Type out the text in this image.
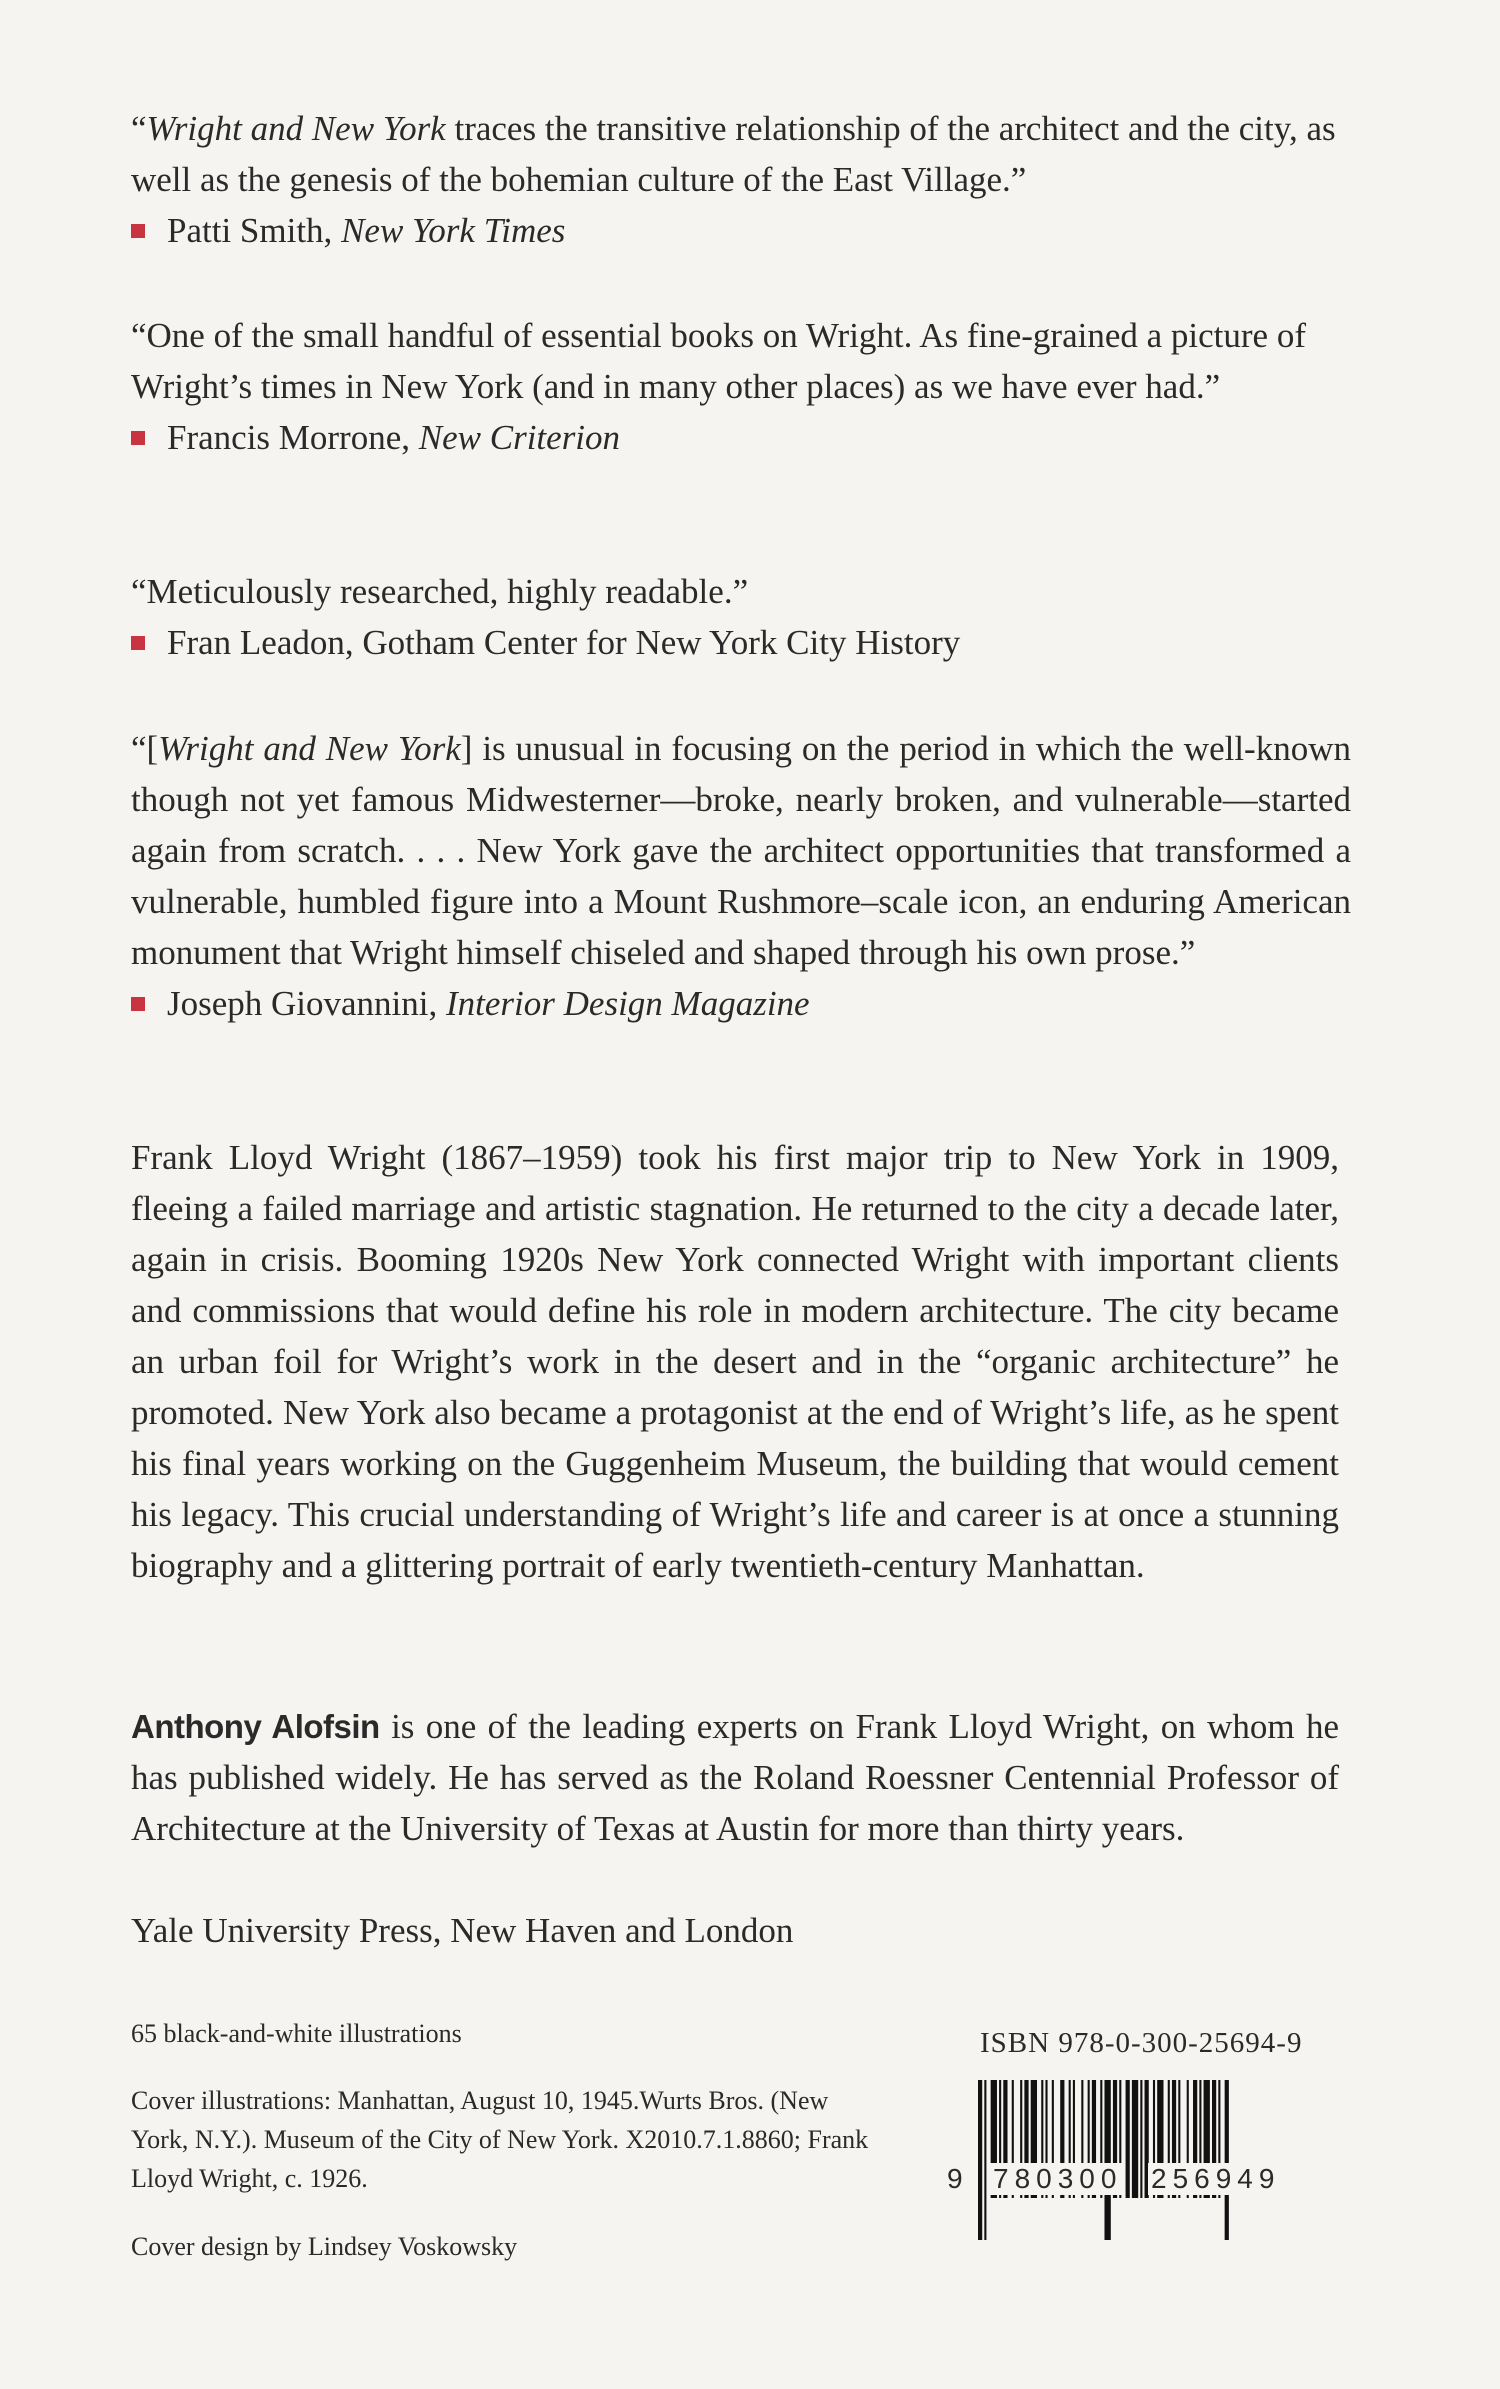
“Wright and New York traces the transitive relationship of the architect and the city, as well as the genesis of the bohemian culture of the East Village.”

Patti Smith,
New York Times

“One of the small handful of essential books on Wright. As fine-grained a picture of Wright’s times in New York (and in many other places) as we have ever had.”

Francis Morrone,
New Criterion

“Meticulously researched, highly readable.”

Fran Leadon, Gotham Center for New York City History

“[Wright and New York] is unusual in focusing on the period in which the well-known though not yet famous Midwesterner—broke, nearly broken, and vulnerable—started again from scratch. . . . New York gave the architect opportunities that transformed a vulnerable, humbled figure into a Mount Rushmore–scale icon, an enduring American monument that Wright himself chiseled and shaped through his own prose.”

Joseph Giovannini,
Interior Design Magazine

Frank Lloyd Wright (1867–1959) took his first major trip to New York in 1909, fleeing a failed marriage and artistic stagnation. He returned to the city a decade later, again in crisis. Booming 1920s New York connected Wright with important clients and commissions that would define his role in modern architecture. The city became an urban foil for Wright’s work in the desert and in the “organic architecture” he promoted. New York also became a protagonist at the end of Wright’s life, as he spent his final years working on the Guggenheim Museum, the building that would cement his legacy. This crucial understanding of Wright’s life and career is at once a stunning biography and a glittering portrait of early twentieth-century Manhattan.

Anthony Alofsin is one of the leading experts on Frank Lloyd Wright, on whom he has published widely. He has served as the Roland Roessner Centennial Professor of Architecture at the University of Texas at Austin for more than thirty years.

Yale University Press, New Haven and London

65 black-and-white illustrations

Cover illustrations: Manhattan, August 10, 1945.Wurts Bros. (New York, N.Y.). Museum of the City of New York. X2010.7.1.8860; Frank Lloyd Wright, c. 1926.

Cover design by Lindsey Voskowsky

ISBN 978-0-300-25694-9
9 780300 256949
